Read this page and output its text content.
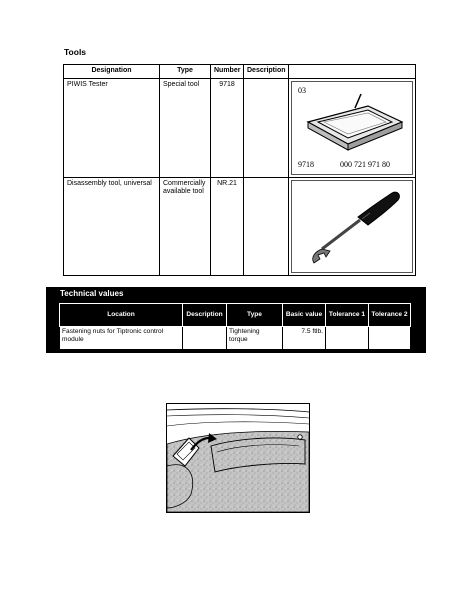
Tools
Designation	Type	Number	Description	
PIWIS Tester	Special tool	9718		03
9718 000 721 971 80

Disassembly tool, universal	Commercially available tool	NR.21		
Technical values
Location	Description	Type	Basic value	Tolerance 1	Tolerance 2
Fastening nuts for Tiptronic control module		Tightening torque	7.5 ftlb.		
